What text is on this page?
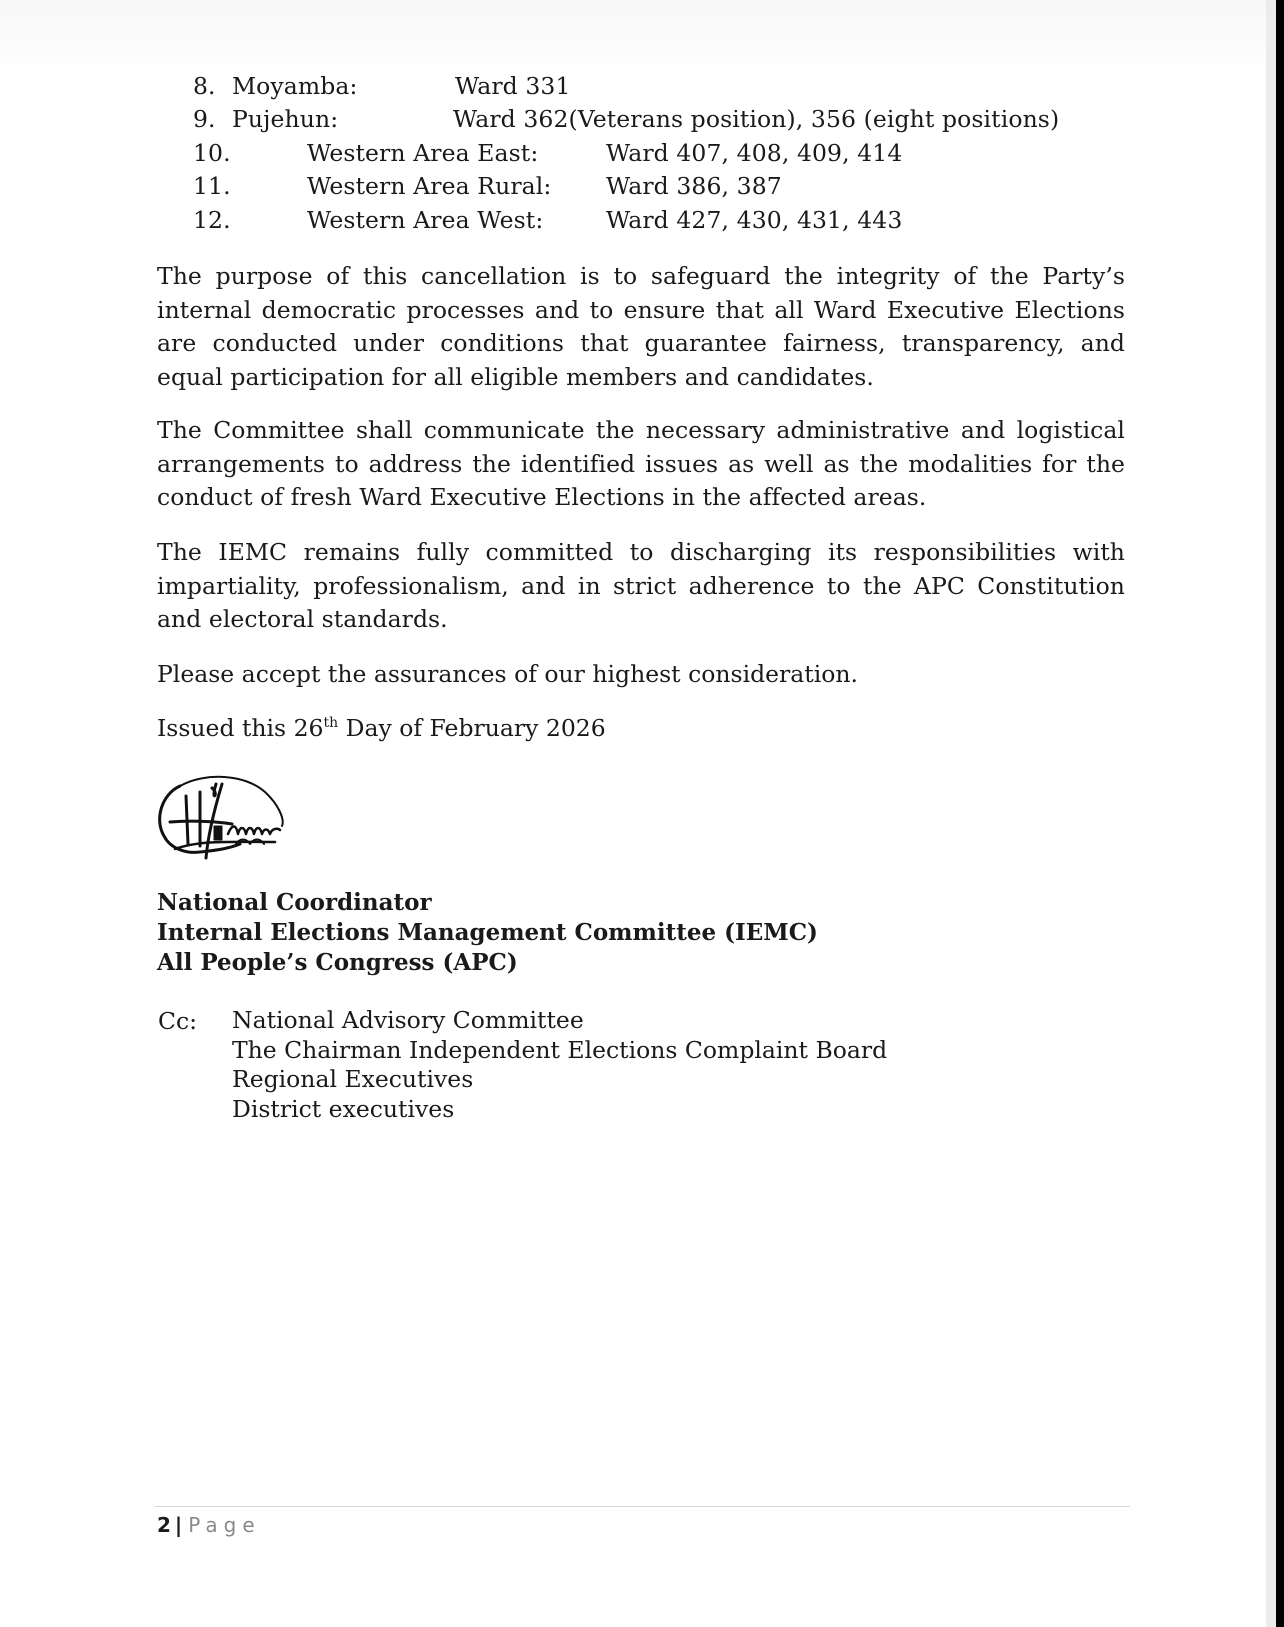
8. Moyamba:	Ward 331
9. Pujehun:	Ward 362(Veterans position), 356 (eight positions)
10.	Western Area East:	Ward 407, 408, 409, 414
11.	Western Area Rural: Ward 386, 387
12.	Western Area West:	Ward 427, 430, 431, 443

The purpose of this cancellation is to safeguard the integrity of the Party’s internal democratic processes and to ensure that all Ward Executive Elections are conducted under conditions that guarantee fairness, transparency, and equal participation for all eligible members and candidates.

The Committee shall communicate the necessary administrative and logistical arrangements to address the identified issues as well as the modalities for the conduct of fresh Ward Executive Elections in the affected areas.

The IEMC remains fully committed to discharging its responsibilities with impartiality, professionalism, and in strict adherence to the APC Constitution and electoral standards.

Please accept the assurances of our highest consideration.
Issued this 26th Day of February 2026
National Coordinator
Internal Elections Management Committee (IEMC)
All People’s Congress (APC)
Cc: National Advisory Committee
The Chairman Independent Elections Complaint Board
Regional Executives
District executives
2 | Page
